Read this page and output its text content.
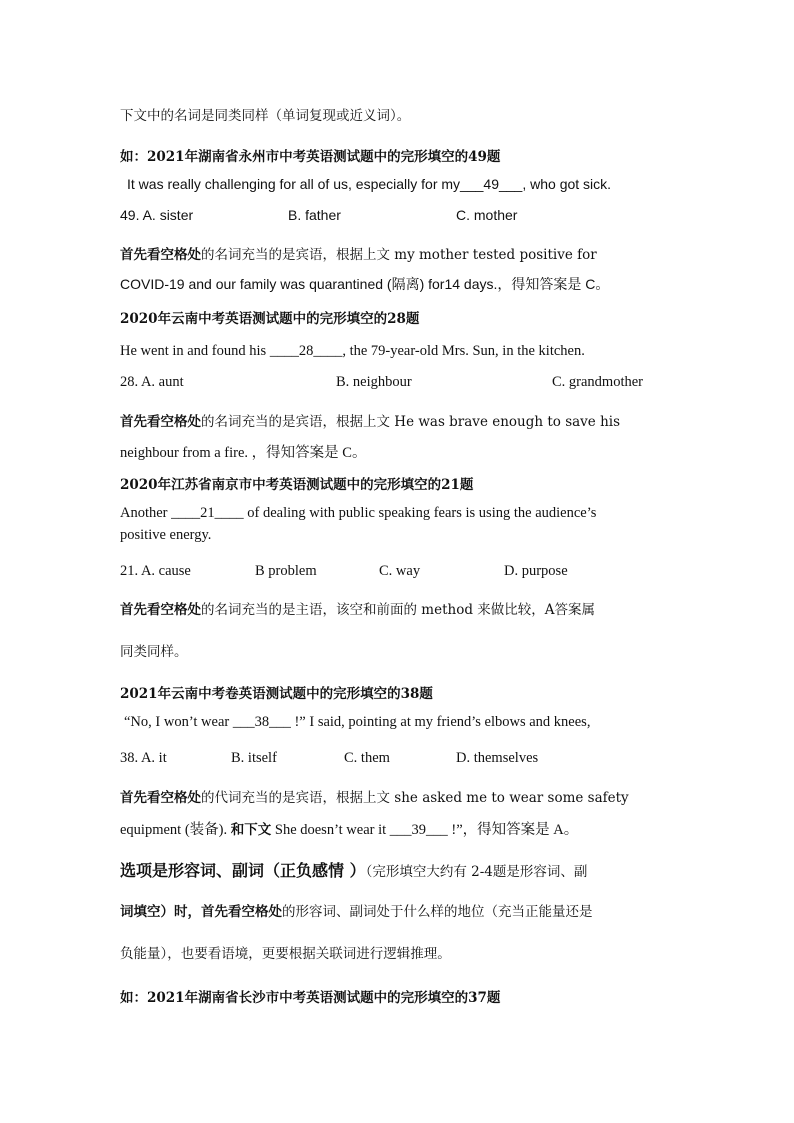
下文中的名词是同类同样（单词复现或近义词）。
如：2021年湖南省永州市中考英语测试题中的完形填空的49题
It was really challenging for all of us, especially for my___49___, who got sick.
49. A. sister	B. father	C. mother
首先看空格处的名词充当的是宾语，根据上文 my mother tested positive for
COVID-19 and our family was quarantined (隔离) for14 days.，得知答案是 C。
2020年云南中考英语测试题中的完形填空的28题
He went in and found his ____28____, the 79-year-old Mrs. Sun, in the kitchen.
28. A. aunt	B. neighbour	C. grandmother
首先看空格处的名词充当的是宾语，根据上文 He was brave enough to save his
neighbour from a fire. ，得知答案是 C。
2020年江苏省南京市中考英语测试题中的完形填空的21题
Another ____21____ of dealing with public speaking fears is using the audience’s
positive energy.
21. A. cause	B problem	C. way	D. purpose
首先看空格处的名词充当的是主语，该空和前面的 method 来做比较，A答案属
同类同样。
2021年云南中考卷英语测试题中的完形填空的38题
“No, I won’t wear ___38___ !” I said, pointing at my friend’s elbows and knees,
38. A. it	B. itself	C. them	D. themselves
首先看空格处的代词充当的是宾语，根据上文 she asked me to wear some safety
equipment (装备). 和下文 She doesn’t wear it ___39___ !”，得知答案是 A。
选项是形容词、副词（正负感情 ）（完形填空大约有 2-4题是形容词、副
词填空）时，首先看空格处的形容词、副词处于什么样的地位（充当正能量还是
负能量），也要看语境，更要根据关联词进行逻辑推理。
如：2021年湖南省长沙市中考英语测试题中的完形填空的37题
